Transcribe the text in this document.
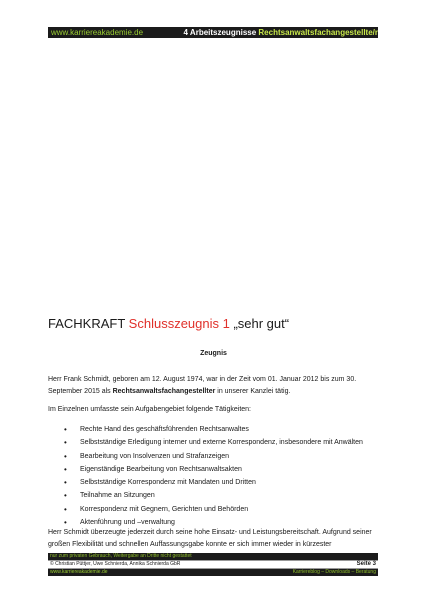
www.karriereakademie.de	4 Arbeitszeugnisse Rechtsanwaltsfachangestellte/r
FACHKRAFT Schlusszeugnis 1 „sehr gut“
Zeugnis
Herr Frank Schmidt, geboren am 12. August 1974, war in der Zeit vom 01. Januar 2012 bis zum 30. September 2015 als Rechtsanwaltsfachangestellter in unserer Kanzlei tätig.
Im Einzelnen umfasste sein Aufgabengebiet folgende Tätigkeiten:
• Rechte Hand des geschäftsführenden Rechtsanwaltes
• Selbstständige Erledigung interner und externe Korrespondenz, insbesondere mit Anwälten
• Bearbeitung von Insolvenzen und Strafanzeigen
• Eigenständige Bearbeitung von Rechtsanwaltsakten
• Selbstständige Korrespondenz mit Mandaten und Dritten
• Teilnahme an Sitzungen
• Korrespondenz mit Gegnern, Gerichten und Behörden
• Aktenführung und –verwaltung
Herr Schmidt überzeugte jederzeit durch seine hohe Einsatz- und Leistungsbereitschaft. Aufgrund seiner großen Flexibilität und schnellen Auffassungsgabe konnte er sich immer wieder in kürzester
nur zum privaten Gebrauch, Weitergabe an Dritte nicht gestattet
© Christian Püttjer, Uwe Schnierda, Annika Schnierda GbR	Seite 3
www.karriereakademie.de	Karriereblog – Downloads – Beratung
